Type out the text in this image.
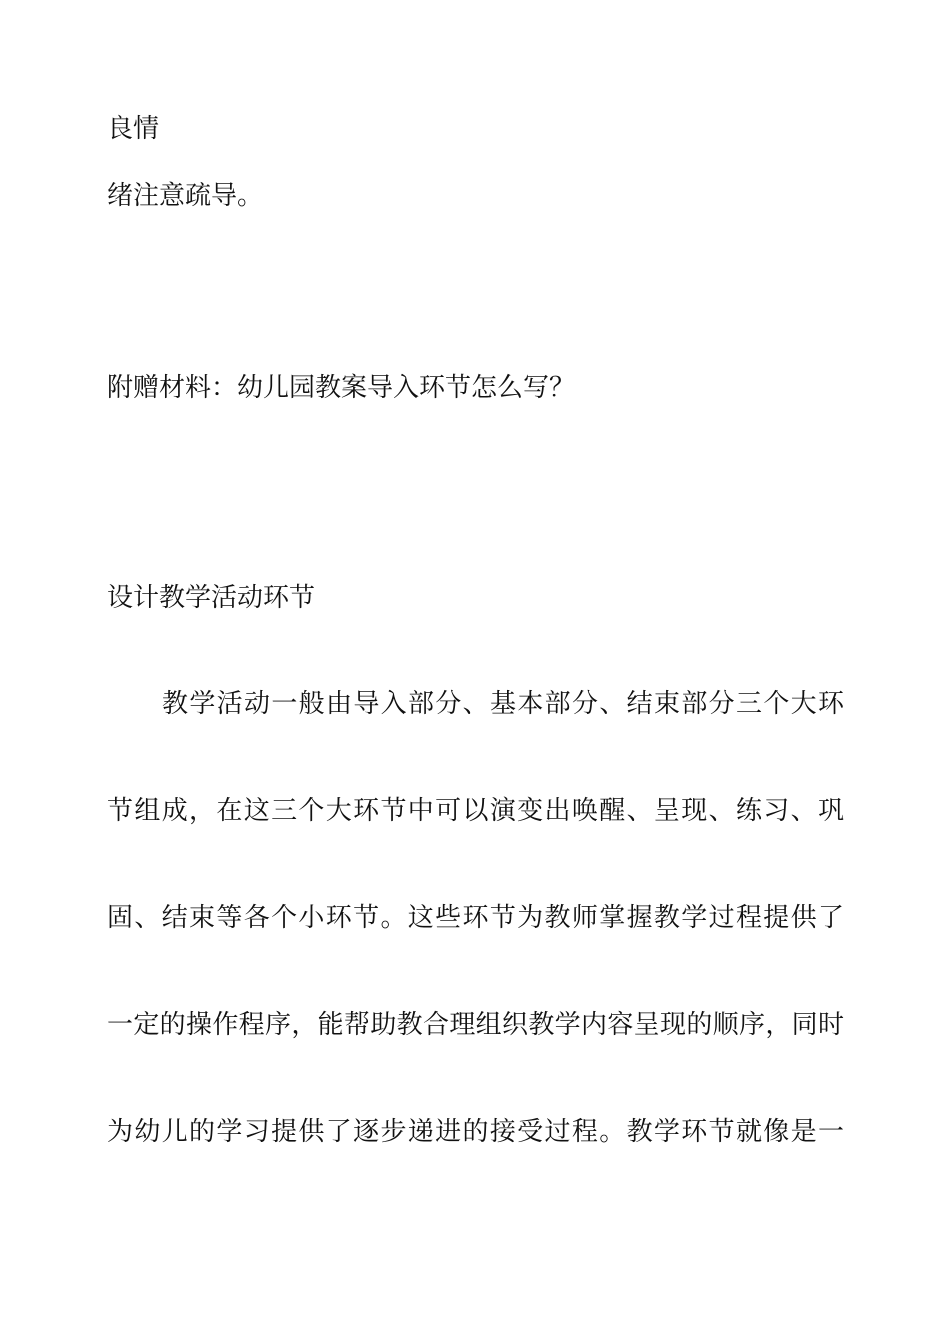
良情
绪注意疏导。
附赠材料：幼儿园教案导入环节怎么写？
设计教学活动环节
教学活动一般由导入部分、基本部分、结束部分三个大环
节组成，在这三个大环节中可以演变出唤醒、呈现、练习、巩
固、结束等各个小环节。这些环节为教师掌握教学过程提供了
一定的操作程序，能帮助教合理组织教学内容呈现的顺序，同时
为幼儿的学习提供了逐步递进的接受过程。教学环节就像是一
